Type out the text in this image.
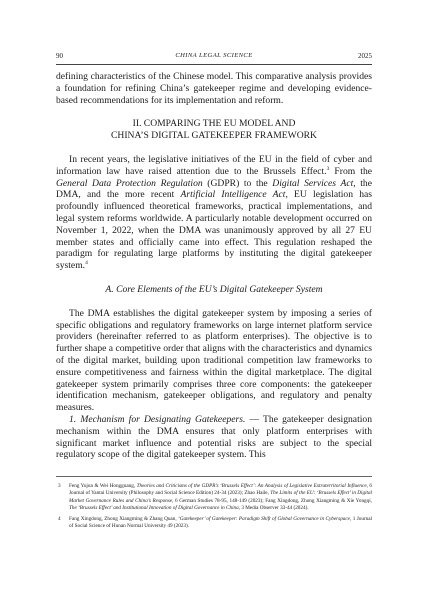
90	CHINA LEGAL SCIENCE	2025

defining characteristics of the Chinese model. This comparative analysis provides a foundation for refining China’s gatekeeper regime and developing evidence-based recommendations for its implementation and reform.

II. COMPARING THE EU MODEL AND
CHINA’S DIGITAL GATEKEEPER FRAMEWORK

In recent years, the legislative initiatives of the EU in the field of cyber and information law have raised attention due to the Brussels Effect.$^3$ From the General Data Protection Regulation (GDPR) to the Digital Services Act, the DMA, and the more recent Artificial Intelligence Act, EU legislation has profoundly influenced theoretical frameworks, practical implementations, and legal system reforms worldwide. A particularly notable development occurred on November 1, 2022, when the DMA was unanimously approved by all 27 EU member states and officially came into effect. This regulation reshaped the paradigm for regulating large platforms by instituting the digital gatekeeper system.$^4$

A. Core Elements of the EU’s Digital Gatekeeper System

The DMA establishes the digital gatekeeper system by imposing a series of specific obligations and regulatory frameworks on large internet platform service providers (hereinafter referred to as platform enterprises). The objective is to further shape a competitive order that aligns with the characteristics and dynamics of the digital market, building upon traditional competition law frameworks to ensure competitiveness and fairness within the digital marketplace. The digital gatekeeper system primarily comprises three core components: the gatekeeper identification mechanism, gatekeeper obligations, and regulatory and penalty measures.

1. Mechanism for Designating Gatekeepers. — The gatekeeper designation mechanism within the DMA ensures that only platform enterprises with significant market influence and potential risks are subject to the special regulatory scope of the digital gatekeeper system. This

3 Feng Yujun & Wei Hongguang, Theories and Criticisms of the GDPR’s ‘Brussels Effect’: An Analysis of Legislative Extraterritorial Influence, 6 Journal of Yantai University (Philosophy and Social Science Edition) 24-34 (2023); Zhao Haile, The Limits of the EU: ‘Brussels Effect’ in Digital Market Governance Rules and China’s Response, 6 German Studies 78-95, 148-149 (2023); Fang Xingdong, Zhong Xiangming & Xie Yongqi, The ‘Brussels Effect’ and Institutional Innovation of Digital Governance in China, 3 Media Observer 33-44 (2024).
4 Fang Xingdong, Zhong Xiangming & Zhang Quan, ‘Gatekeeper’ of Gatekeeper: Paradigm Shift of Global Governance in Cyberspace, 1 Journal of Social Science of Hunan Normal University 49 (2023).
